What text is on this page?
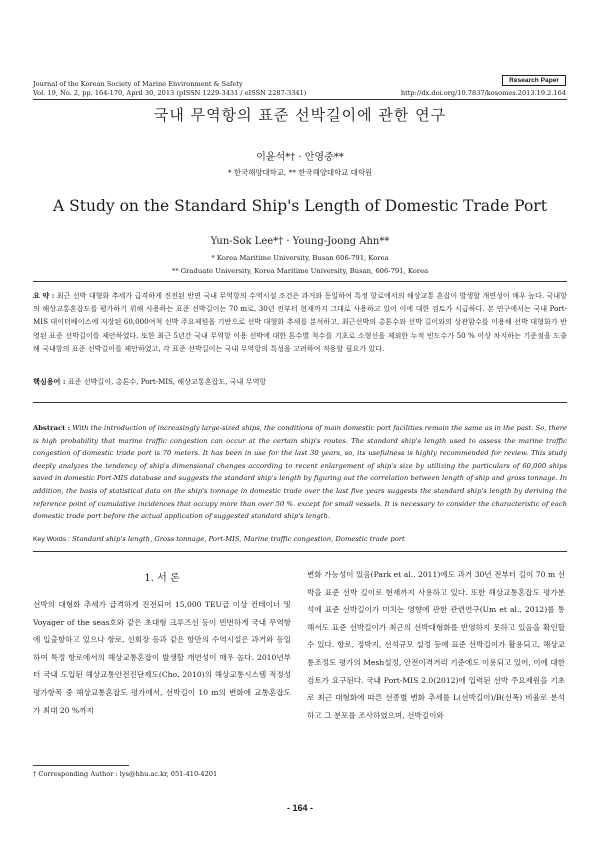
Journal of the Korean Society of Marine Environment & Safety
Vol. 19, No. 2, pp. 164-170, April 30, 2013 (pISSN 1229-3431 / eISSN 2287-3341)
Research Paper
http://dx.doi.org/10.7837/kosomes.2013.19.2.164
국내 무역항의 표준 선박길이에 관한 연구
이윤석*† · 안영중**
* 한국해양대학교, ** 한국해양대학교 대학원
A Study on the Standard Ship's Length of Domestic Trade Port
Yun-Sok Lee*† · Young-Joong Ahn**
* Korea Maritime University, Busan 606-791, Korea
** Graduate University, Korea Maritime University, Busan, 606-791, Korea
요 약 : 최근 선박 대형화 추세가 급격하게 진전된 반면 국내 무역항의 수역시설 조건은 과거와 동일하여 특정 항로에서의 해상교통 혼잡이 발생할 개연성이 매우 높다. 국내항의 해상교통혼잡도를 평가하기 위해 사용하는 표준 선박길이는 70 m로, 30년 전부터 현재까지 그대로 사용하고 있어 이에 대한 검토가 시급하다. 본 연구에서는 국내 Port-MIS 데이터베이스에 저장된 60,000여척 선박 주요제원을 기반으로 선박 대형화 추세를 분석하고, 최근선박의 총톤수와 선박 길이와의 상관함수를 이용해 선박 대형화가 반영된 표준 선박길이를 제안하였다. 또한 최근 5년간 국내 무역항 이용 선박에 대한 톤수별 척수를 기초로 소형선을 제외한 누적 빈도수가 50 % 이상 차지하는 기준점을 도출해 국내항의 표준 선박길이를 제안하였고, 각 표준 선박길이는 국내 무역항의 특성을 고려하여 적용할 필요가 있다.
핵심용어 : 표준 선박길이, 총톤수, Port-MIS, 해상교통혼잡도, 국내 무역항
Abstract : With the introduction of increasingly large-sized ships, the conditions of main domestic port facilities remain the same as in the past. So, there is high probability that marine traffic congestion can occur at the certain ship's routes. The standard ship's length used to assess the marine traffic congestion of domestic trade port is 70 meters. It has been in use for the last 30 years, so, its usefulness is highly recommended for review. This study deeply analyzes the tendency of ship's dimensional changes according to recent enlargement of ship's size by utilizing the particulars of 60,000 ships saved in domestic Port-MIS database and suggests the standard ship's length by figuring out the correlation between length of ship and gross tonnage. In addition, the basis of statistical data on the ship's tonnage in domestic trade over the last five years suggests the standard ship's length by deriving the reference point of cumulative incidences that occupy more than over 50 %. except for small vessels. It is necessary to consider the characteristic of each domestic trade port before the actual application of suggested standard ship's length.
Key Words : Standard ship's length, Gross tonnage, Port-MIS, Marine traffic congestion, Domestic trade port
1. 서 론
선박의 대형화 추세가 급격하게 진전되어 15,000 TEU급 이상 컨테이너 및 Voyager of the seas호와 같은 초대형 크루즈선 등이 빈번하게 국내 무역항에 입출항하고 있으나 항로, 선회장 등과 같은 항만의 수역시설은 과거와 동일하여 특정 항로에서의 해상교통혼잡이 발생할 개연성이 매우 높다. 2010년부터 국내 도입된 해상교통안전진단제도(Cho, 2010)의 해상교통시스템 적정성 평가항목 중 해상교통혼잡도 평가에서, 선박길이 10 m의 변화에 교통혼잡도가 최대 20 %까지
변화 가능성이 있음(Park et al., 2011)에도 과거 30년 전부터 길이 70 m 선박을 표준 선박 길이로 현재까지 사용하고 있다. 또한 해상교통혼잡도 평가분석에 표준 선박길이가 미치는 영향에 관한 관련연구(Um et al., 2012)를 통해서도 표준 선박길이가 최근의 선박대형화를 반영하지 못하고 있음을 확인할 수 있다. 항로, 정박지, 선석규모 설정 등에 표준 선박길이가 활용되고, 해상교통조정도 평가의 Mesh설정, 안전이격거리 기준에도 이용되고 있어, 이에 대한 검토가 요구된다. 국내 Port-MIS 2.0(2012)에 입력된 선박 주요제원을 기초로 최근 대형화에 따른 선종별 변화 추세를 L(선박길이)/B(선폭) 비율로 분석하고 그 분포를 조사하였으며, 선박길이와
† Corresponding Author : lys@hhu.ac.kr, 051-410-4201
- 164 -
